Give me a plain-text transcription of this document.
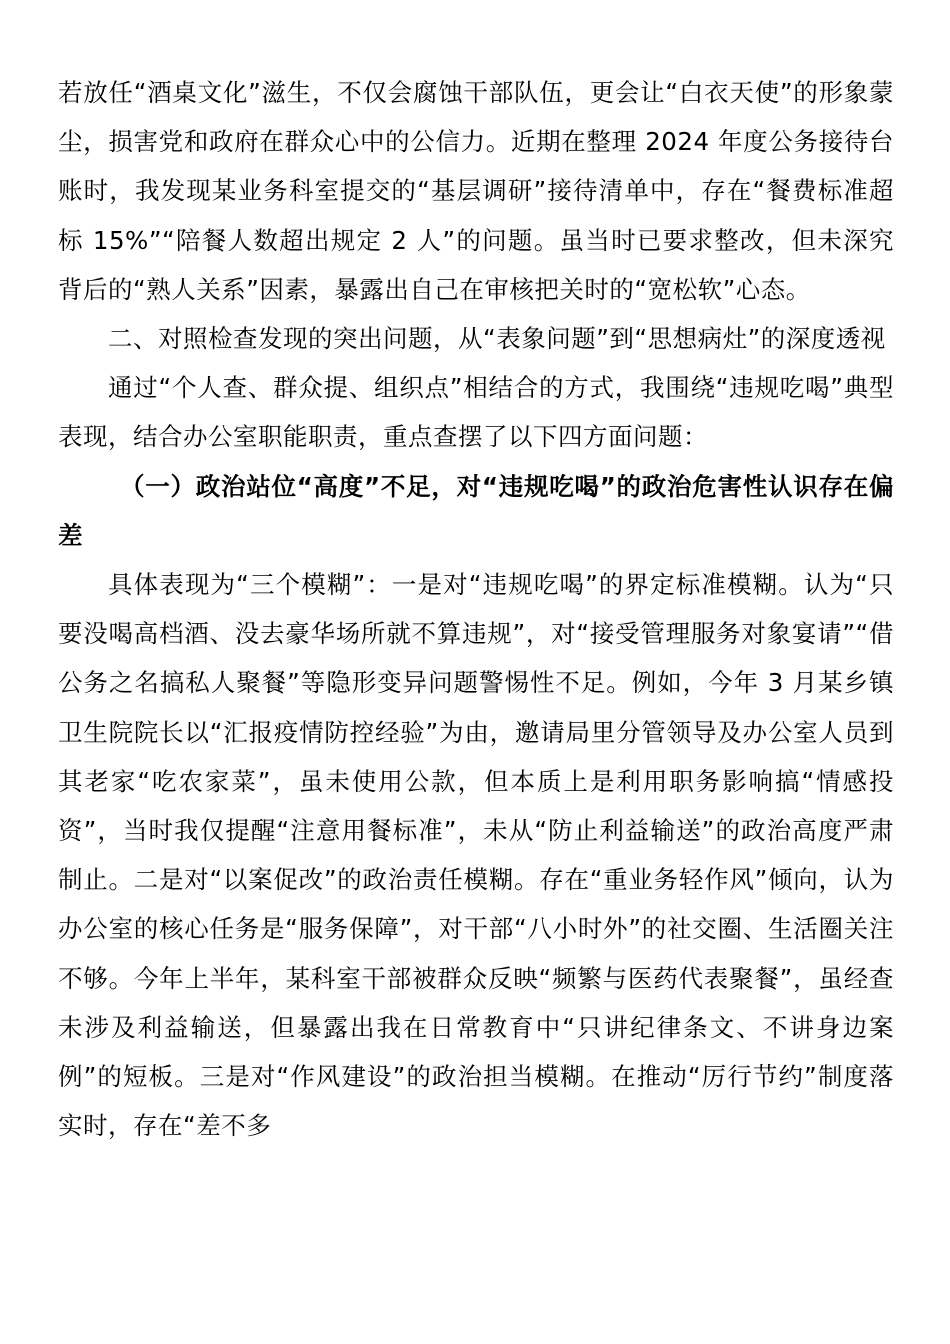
若放任“酒桌文化”滋生，不仅会腐蚀干部队伍，更会让“白衣天使”的形象蒙尘，损害党和政府在群众心中的公信力。近期在整理 2024 年度公务接待台账时，我发现某业务科室提交的“基层调研”接待清单中，存在“餐费标准超标 15%”“陪餐人数超出规定 2 人”的问题。虽当时已要求整改，但未深究背后的“熟人关系”因素，暴露出自己在审核把关时的“宽松软”心态。

二、对照检查发现的突出问题，从“表象问题”到“思想病灶”的深度透视

通过“个人查、群众提、组织点”相结合的方式，我围绕“违规吃喝”典型表现，结合办公室职能职责，重点查摆了以下四方面问题：

（一）政治站位“高度”不足，对“违规吃喝”的政治危害性认识存在偏差

具体表现为“三个模糊”：一是对“违规吃喝”的界定标准模糊。认为“只要没喝高档酒、没去豪华场所就不算违规”，对“接受管理服务对象宴请”“借公务之名搞私人聚餐”等隐形变异问题警惕性不足。例如，今年 3 月某乡镇卫生院院长以“汇报疫情防控经验”为由，邀请局里分管领导及办公室人员到其老家“吃农家菜”，虽未使用公款，但本质上是利用职务影响搞“情感投资”，当时我仅提醒“注意用餐标准”，未从“防止利益输送”的政治高度严肃制止。二是对“以案促改”的政治责任模糊。存在“重业务轻作风”倾向，认为办公室的核心任务是“服务保障”，对干部“八小时外”的社交圈、生活圈关注不够。今年上半年，某科室干部被群众反映“频繁与医药代表聚餐”，虽经查未涉及利益输送，但暴露出我在日常教育中“只讲纪律条文、不讲身边案例”的短板。三是对“作风建设”的政治担当模糊。在推动“厉行节约”制度落实时，存在“差不多
